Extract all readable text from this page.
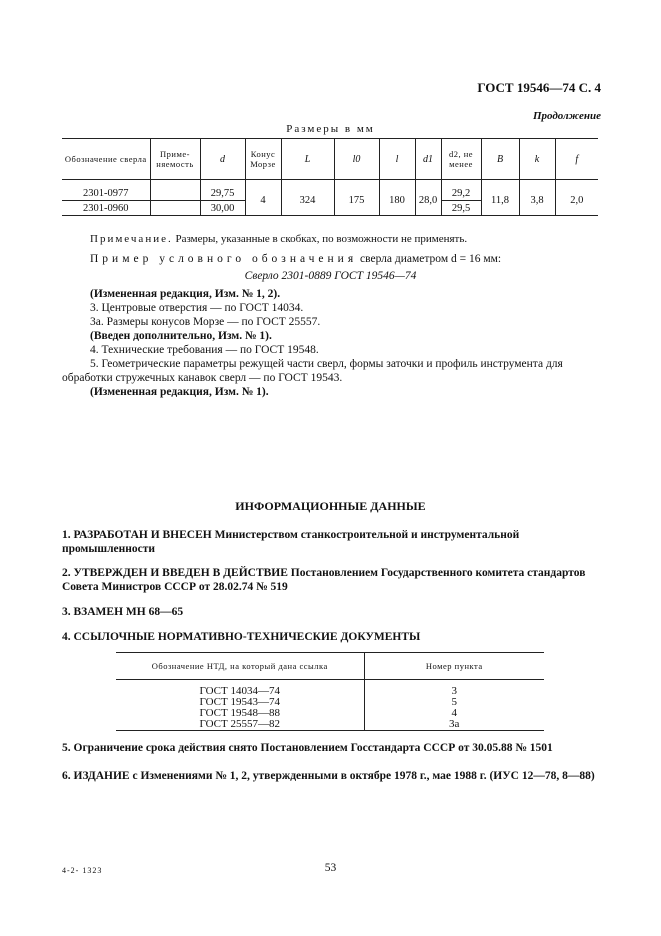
ГОСТ 19546—74 С. 4
Продолжение
Размеры в мм
Обозначение сверла	Приме- няемость	d	Конус Морзе	L	l0	l	d1	d2, не менее	B	k	f

2301-0977		29,75	4	324	175	180	28,0	29,2	11,8	3,8	2,0
2301-0960		30,00						29,5			
Примечание. Размеры, указанные в скобках, по возможности не применять.
Пример условного обозначения сверла диаметром d = 16 мм:
Сверло 2301-0889 ГОСТ 19546—74

(Измененная редакция, Изм. № 1, 2).

3. Центровые отверстия — по ГОСТ 14034.

3а. Размеры конусов Морзе — по ГОСТ 25557.

(Введен дополнительно, Изм. № 1).

4. Технические требования — по ГОСТ 19548.

5. Геометрические параметры режущей части сверл, формы заточки и профиль инструмента для обработки стружечных канавок сверл — по ГОСТ 19543.

(Измененная редакция, Изм. № 1).

ИНФОРМАЦИОННЫЕ ДАННЫЕ
1. РАЗРАБОТАН И ВНЕСЕН Министерством станкостроительной и инструментальной промышленности
2. УТВЕРЖДЕН И ВВЕДЕН В ДЕЙСТВИЕ Постановлением Государственного комитета стандартов Совета Министров СССР от 28.02.74 № 519
3. ВЗАМЕН МН 68—65
4. ССЫЛОЧНЫЕ НОРМАТИВНО-ТЕХНИЧЕСКИЕ ДОКУМЕНТЫ
Обозначение НТД, на который дана ссылка	Номер пункта

ГОСТ 14034—74	3
ГОСТ 19543—74	5
ГОСТ 19548—88	4
ГОСТ 25557—82	3а
5. Ограничение срока действия снято Постановлением Госстандарта СССР от 30.05.88 № 1501
6. ИЗДАНИЕ с Изменениями № 1, 2, утвержденными в октябре 1978 г., мае 1988 г. (ИУС 12—78, 8—88)
4-2- 1323	53
